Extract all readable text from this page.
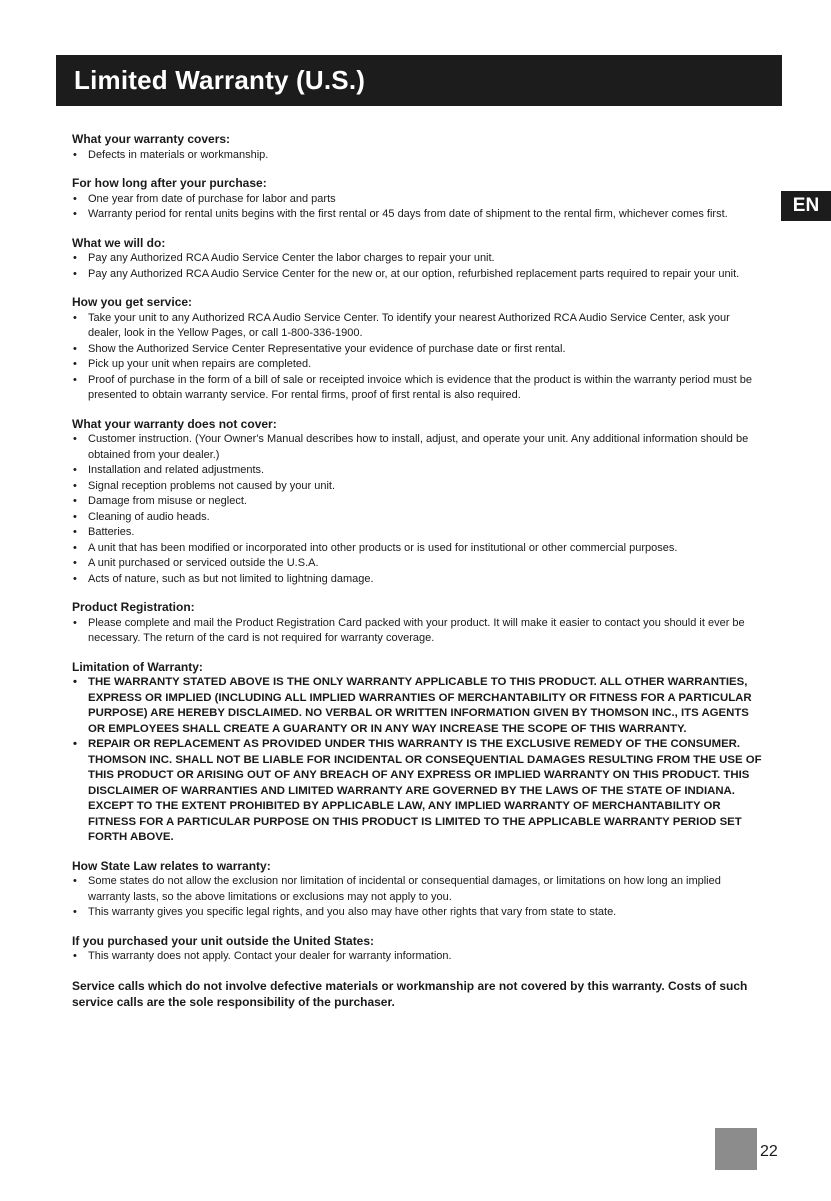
Limited Warranty (U.S.)
EN

What your warranty covers:

• Defects in materials or workmanship.

For how long after your purchase:

• One year from date of purchase for labor and parts
• Warranty period for rental units begins with the first rental or 45 days from date of shipment to the rental firm, whichever comes first.

What we will do:

• Pay any Authorized RCA Audio Service Center the labor charges to repair your unit.
• Pay any Authorized RCA Audio Service Center for the new or, at our option, refurbished replacement parts required to repair your unit.

How you get service:

• Take your unit to any Authorized RCA Audio Service Center. To identify your nearest Authorized RCA Audio Service Center, ask your dealer, look in the Yellow Pages, or call 1-800-336-1900.
• Show the Authorized Service Center Representative your evidence of purchase date or first rental.
• Pick up your unit when repairs are completed.
• Proof of purchase in the form of a bill of sale or receipted invoice which is evidence that the product is within the warranty period must be presented to obtain warranty service. For rental firms, proof of first rental is also required.

What your warranty does not cover:

• Customer instruction. (Your Owner's Manual describes how to install, adjust, and operate your unit. Any additional information should be obtained from your dealer.)
• Installation and related adjustments.
• Signal reception problems not caused by your unit.
• Damage from misuse or neglect.
• Cleaning of audio heads.
• Batteries.
• A unit that has been modified or incorporated into other products or is used for institutional or other commercial purposes.
• A unit purchased or serviced outside the U.S.A.
• Acts of nature, such as but not limited to lightning damage.

Product Registration:

• Please complete and mail the Product Registration Card packed with your product. It will make it easier to contact you should it ever be necessary. The return of the card is not required for warranty coverage.

Limitation of Warranty:

• THE WARRANTY STATED ABOVE IS THE ONLY WARRANTY APPLICABLE TO THIS PRODUCT. ALL OTHER WARRANTIES, EXPRESS OR IMPLIED (INCLUDING ALL IMPLIED WARRANTIES OF MERCHANTABILITY OR FITNESS FOR A PARTICULAR PURPOSE) ARE HEREBY DISCLAIMED. NO VERBAL OR WRITTEN INFORMATION GIVEN BY THOMSON INC., ITS AGENTS OR EMPLOYEES SHALL CREATE A GUARANTY OR IN ANY WAY INCREASE THE SCOPE OF THIS WARRANTY.
• REPAIR OR REPLACEMENT AS PROVIDED UNDER THIS WARRANTY IS THE EXCLUSIVE REMEDY OF THE CONSUMER. THOMSON INC. SHALL NOT BE LIABLE FOR INCIDENTAL OR CONSEQUENTIAL DAMAGES RESULTING FROM THE USE OF THIS PRODUCT OR ARISING OUT OF ANY BREACH OF ANY EXPRESS OR IMPLIED WARRANTY ON THIS PRODUCT. THIS DISCLAIMER OF WARRANTIES AND LIMITED WARRANTY ARE GOVERNED BY THE LAWS OF THE STATE OF INDIANA. EXCEPT TO THE EXTENT PROHIBITED BY APPLICABLE LAW, ANY IMPLIED WARRANTY OF MERCHANTABILITY OR FITNESS FOR A PARTICULAR PURPOSE ON THIS PRODUCT IS LIMITED TO THE APPLICABLE WARRANTY PERIOD SET FORTH ABOVE.

How State Law relates to warranty:

• Some states do not allow the exclusion nor limitation of incidental or consequential damages, or limitations on how long an implied warranty lasts, so the above limitations or exclusions may not apply to you.
• This warranty gives you specific legal rights, and you also may have other rights that vary from state to state.

If you purchased your unit outside the United States:

• This warranty does not apply. Contact your dealer for warranty information.

Service calls which do not involve defective materials or workmanship are not covered by this warranty. Costs of such service calls are the sole responsibility of the purchaser.

22
